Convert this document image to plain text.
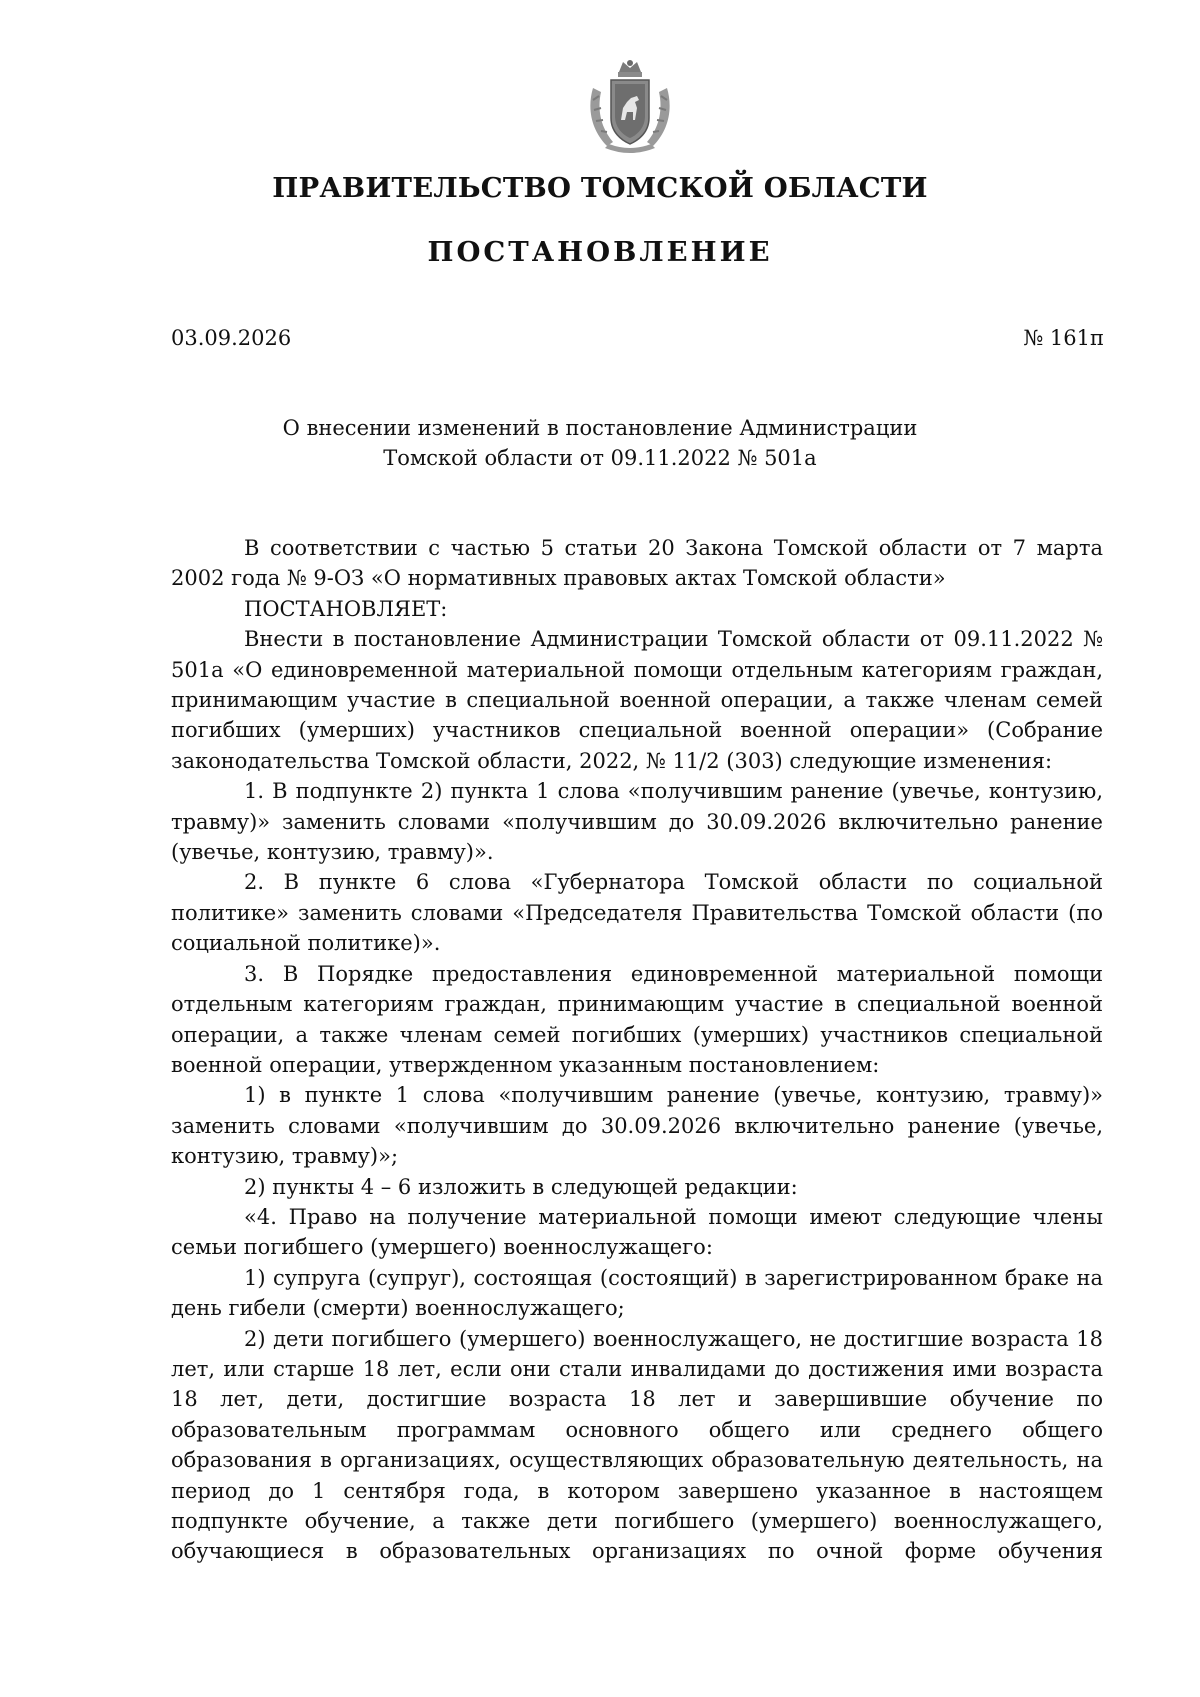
ПРАВИТЕЛЬСТВО ТОМСКОЙ ОБЛАСТИ
ПОСТАНОВЛЕНИЕ
03.09.2026	№ 161п
О внесении изменений в постановление Администрации
Томской области от 09.11.2022 № 501а

В соответствии с частью 5 статьи 20 Закона Томской области от 7 марта 2002 года № 9-ОЗ «О нормативных правовых актах Томской области»

ПОСТАНОВЛЯЕТ:

Внести в постановление Администрации Томской области от 09.11.2022 № 501а «О единовременной материальной помощи отдельным категориям граждан, принимающим участие в специальной военной операции, а также членам семей погибших (умерших) участников специальной военной операции» (Собрание законодательства Томской области, 2022, № 11/2 (303) следующие изменения:

1. В подпункте 2) пункта 1 слова «получившим ранение (увечье, контузию, травму)» заменить словами «получившим до 30.09.2026 включительно ранение (увечье, контузию, травму)».

2. В пункте 6 слова «Губернатора Томской области по социальной политике» заменить словами «Председателя Правительства Томской области (по социальной политике)».

3. В Порядке предоставления единовременной материальной помощи отдельным категориям граждан, принимающим участие в специальной военной операции, а также членам семей погибших (умерших) участников специальной военной операции, утвержденном указанным постановлением:

1) в пункте 1 слова «получившим ранение (увечье, контузию, травму)» заменить словами «получившим до 30.09.2026 включительно ранение (увечье, контузию, травму)»;

2) пункты 4 – 6 изложить в следующей редакции:

«4. Право на получение материальной помощи имеют следующие члены семьи погибшего (умершего) военнослужащего:

1) супруга (супруг), состоящая (состоящий) в зарегистрированном браке на день гибели (смерти) военнослужащего;

2) дети погибшего (умершего) военнослужащего, не достигшие возраста 18 лет, или старше 18 лет, если они стали инвалидами до достижения ими возраста 18 лет, дети, достигшие возраста 18 лет и завершившие обучение по образовательным программам основного общего или среднего общего образования в организациях, осуществляющих образовательную деятельность, на период до 1 сентября года, в котором завершено указанное в настоящем подпункте обучение, а также дети погибшего (умершего) военнослужащего, обучающиеся в образовательных организациях по очной форме обучения
